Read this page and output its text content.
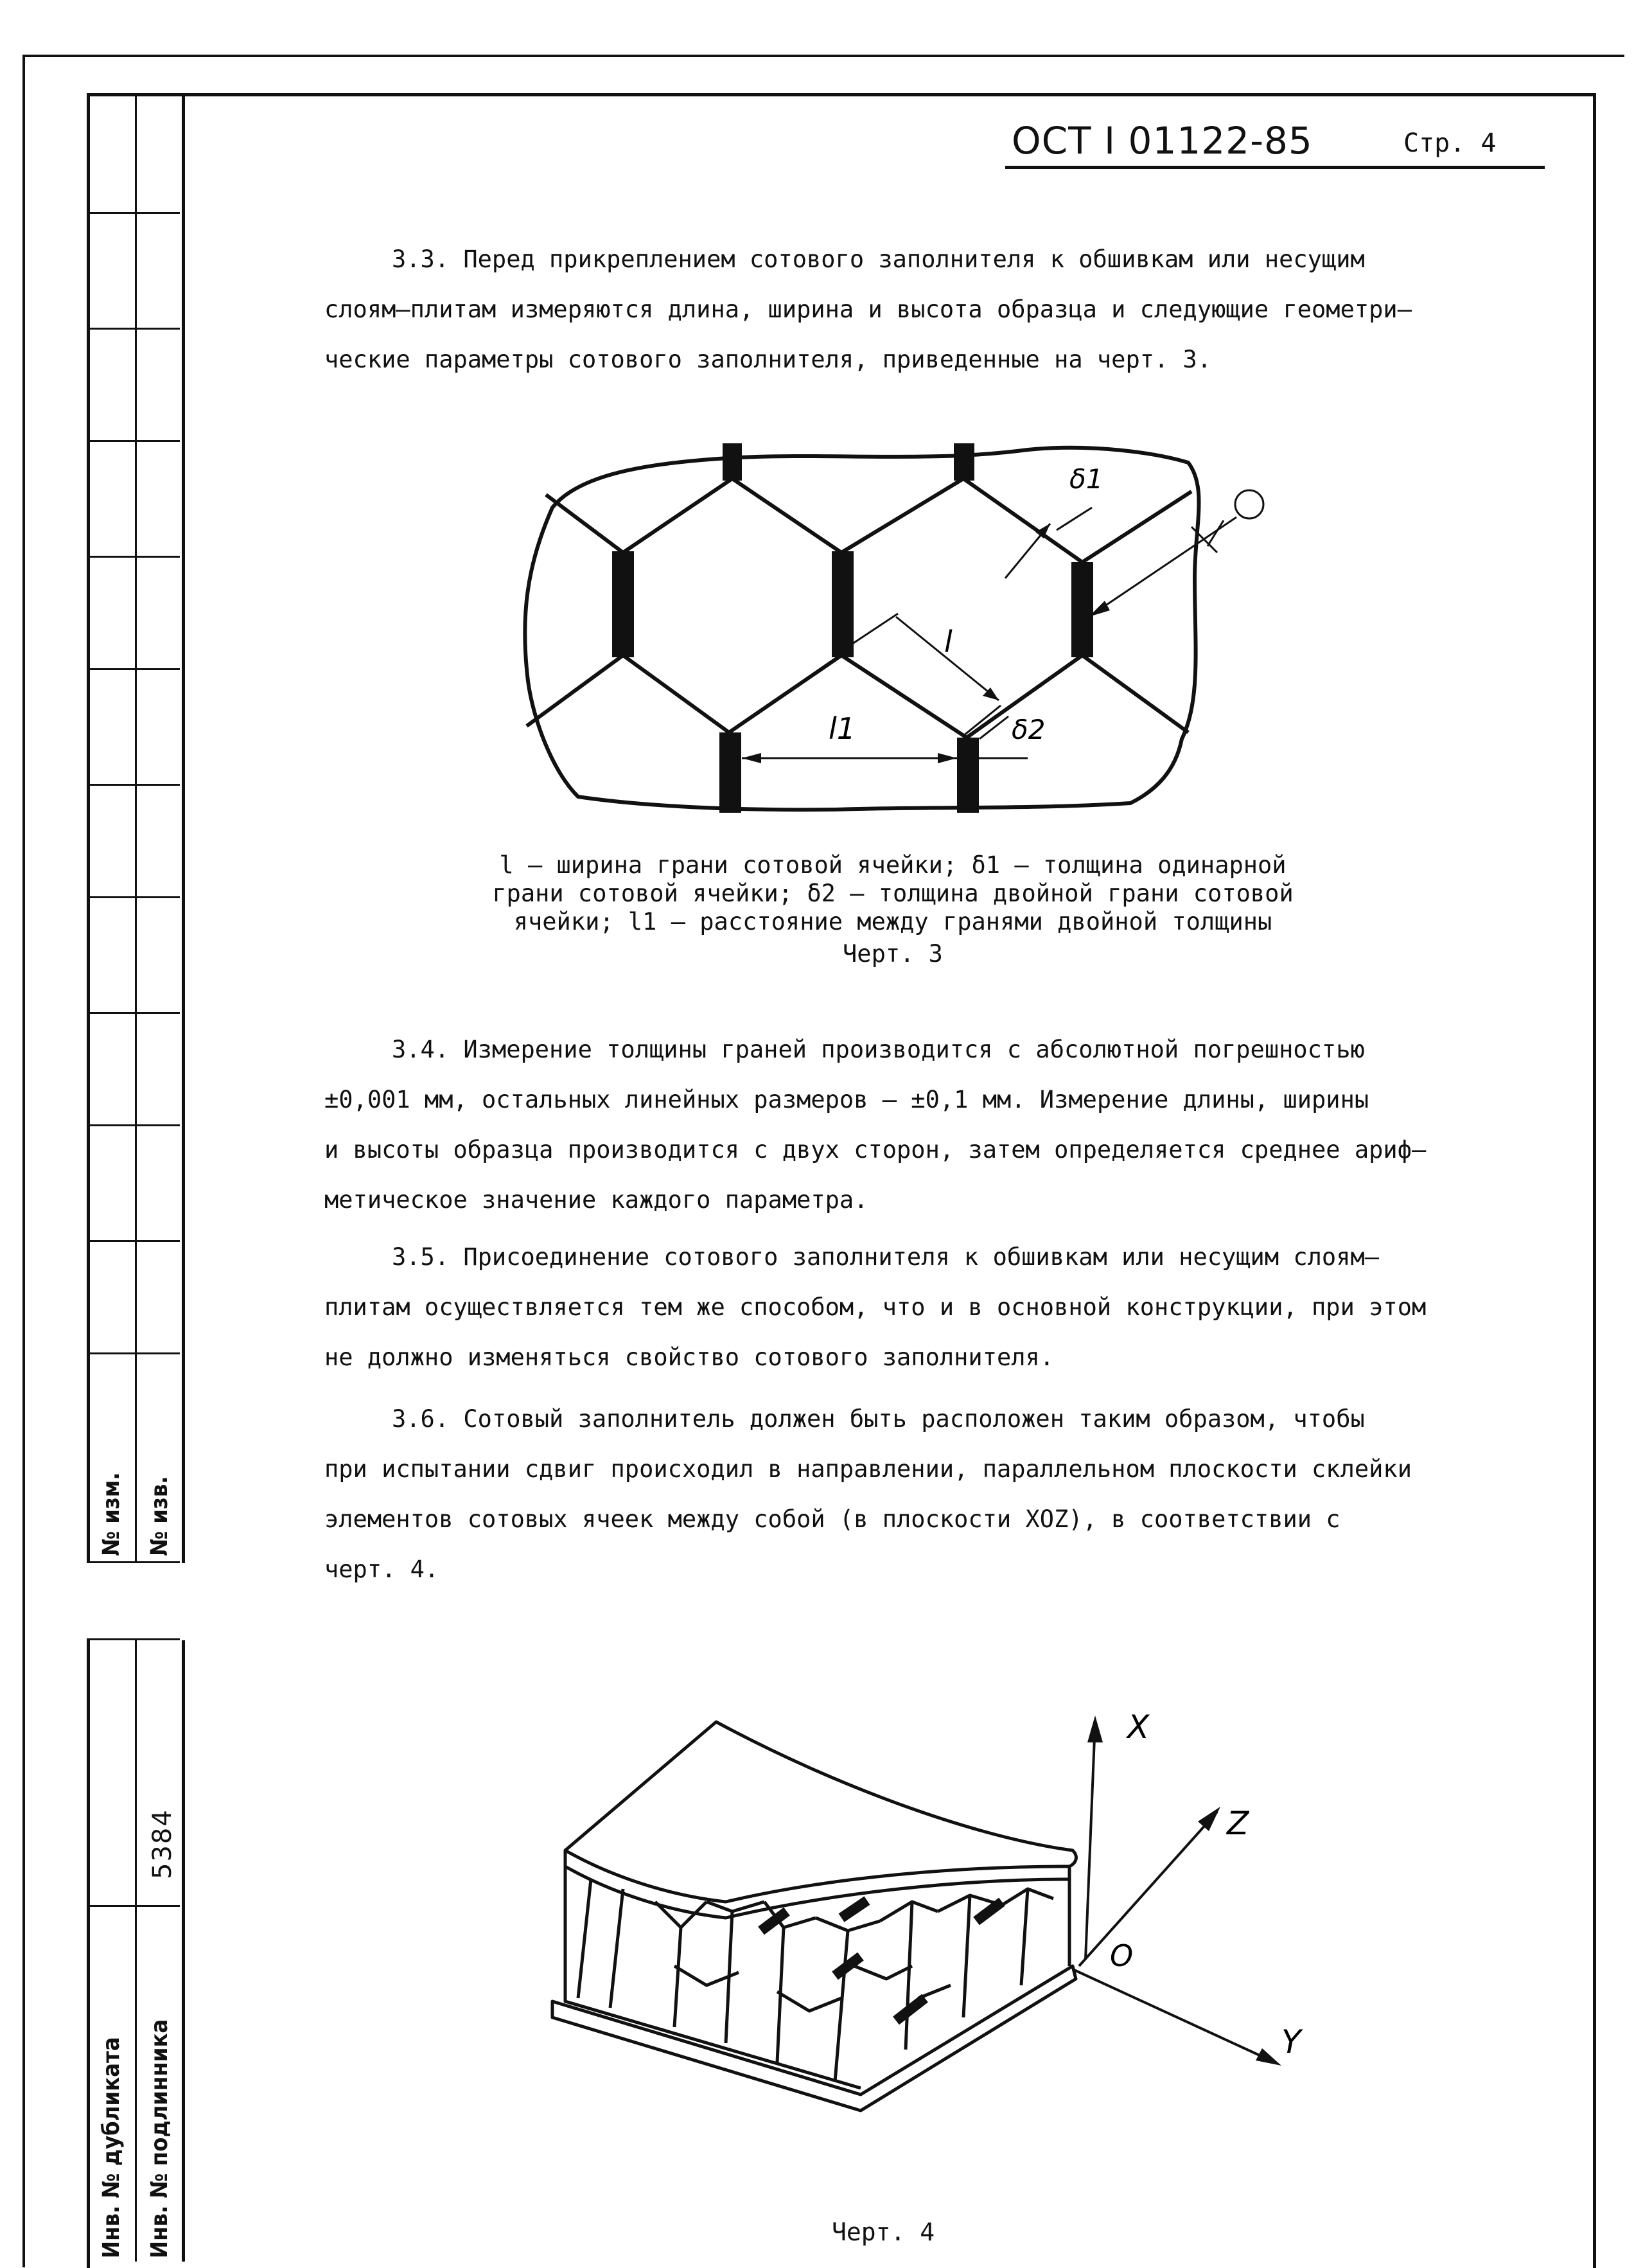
№ изм. № изв.
5384
Инв. № дубликата Инв. № подлинника
ОСТ I 01122-85	Стр. 4
3.3. Перед прикреплением сотового заполнителя к обшивкам или несущим
слоям–плитам измеряются длина, ширина и высота образца и следующие геометри–
ческие параметры сотового заполнителя, приведенные на черт. 3.
l
l1
δ1
δ2
l – ширина грани сотовой ячейки; δ1 – толщина одинарной
грани сотовой ячейки; δ2 – толщина двойной грани сотовой
ячейки; l1 – расстояние между гранями двойной толщины
Черт. 3
3.4. Измерение толщины граней производится с абсолютной погрешностью
±0,001 мм, остальных линейных размеров – ±0,1 мм. Измерение длины, ширины
и высоты образца производится с двух сторон, затем определяется среднее ариф–
метическое значение каждого параметра.
3.5. Присоединение сотового заполнителя к обшивкам или несущим слоям–
плитам осуществляется тем же способом, что и в основной конструкции, при этом
не должно изменяться свойство сотового заполнителя.
3.6. Сотовый заполнитель должен быть расположен таким образом, чтобы
при испытании сдвиг происходил в направлении, параллельном плоскости склейки
элементов сотовых ячеек между собой (в плоскости XOZ), в соответствии с
черт. 4.
X
Z
O
Y
Черт. 4
